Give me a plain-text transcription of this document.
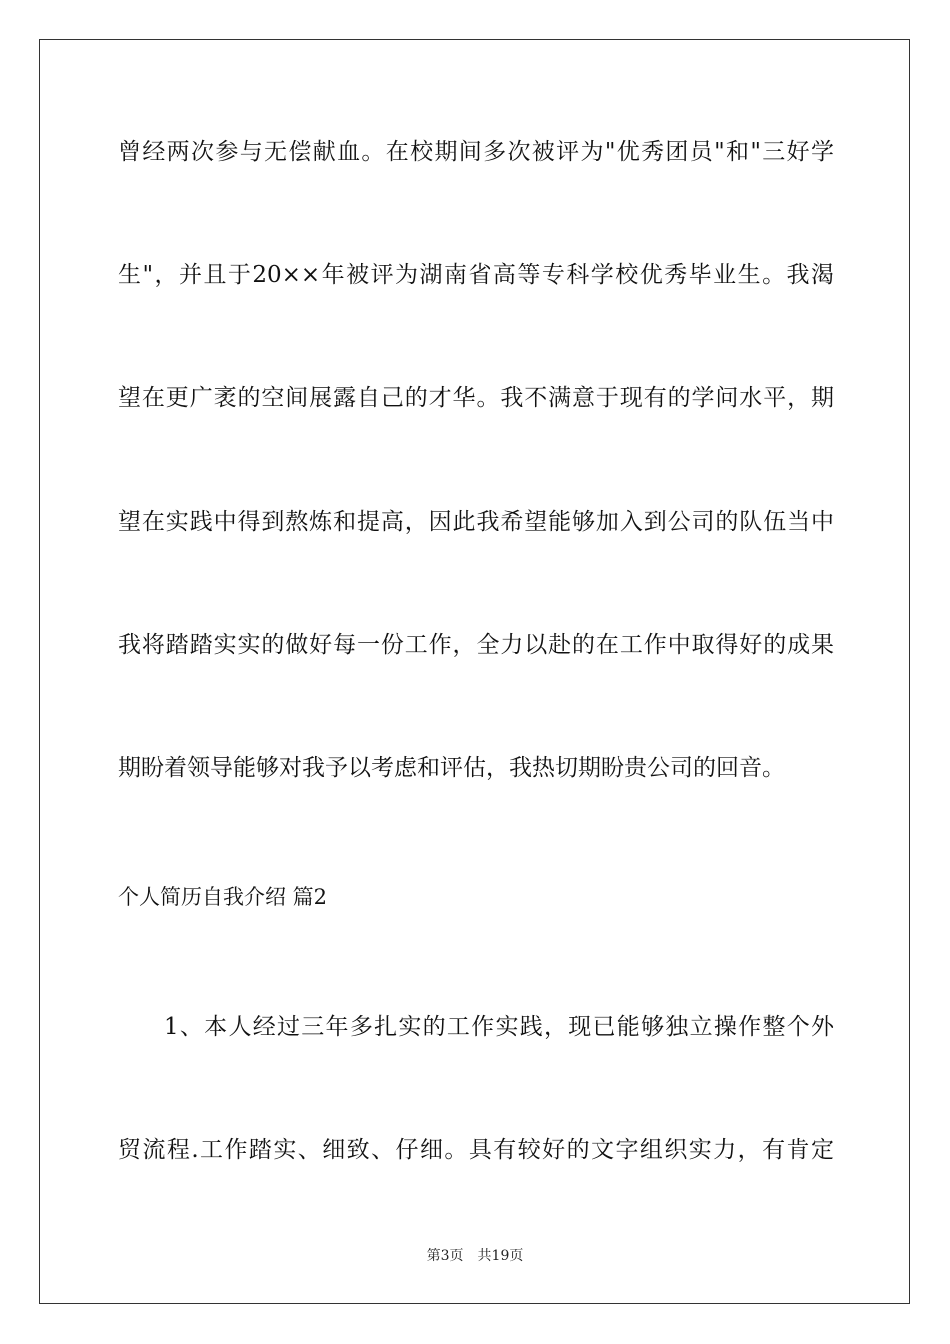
曾经两次参与无偿献血。在校期间多次被评为"优秀团员"和"三好学

生"，并且于20××年被评为湖南省高等专科学校优秀毕业生。我渴

望在更广袤的空间展露自己的才华。我不满意于现有的学问水平，期

望在实践中得到熬炼和提高，因此我希望能够加入到公司的队伍当中

我将踏踏实实的做好每一份工作，全力以赴的在工作中取得好的成果

期盼着领导能够对我予以考虑和评估，我热切期盼贵公司的回音。

个人简历自我介绍 篇2

1、本人经过三年多扎实的工作实践，现已能够独立操作整个外

贸流程.工作踏实、细致、仔细。具有较好的文字组织实力，有肯定

第3页　共19页
